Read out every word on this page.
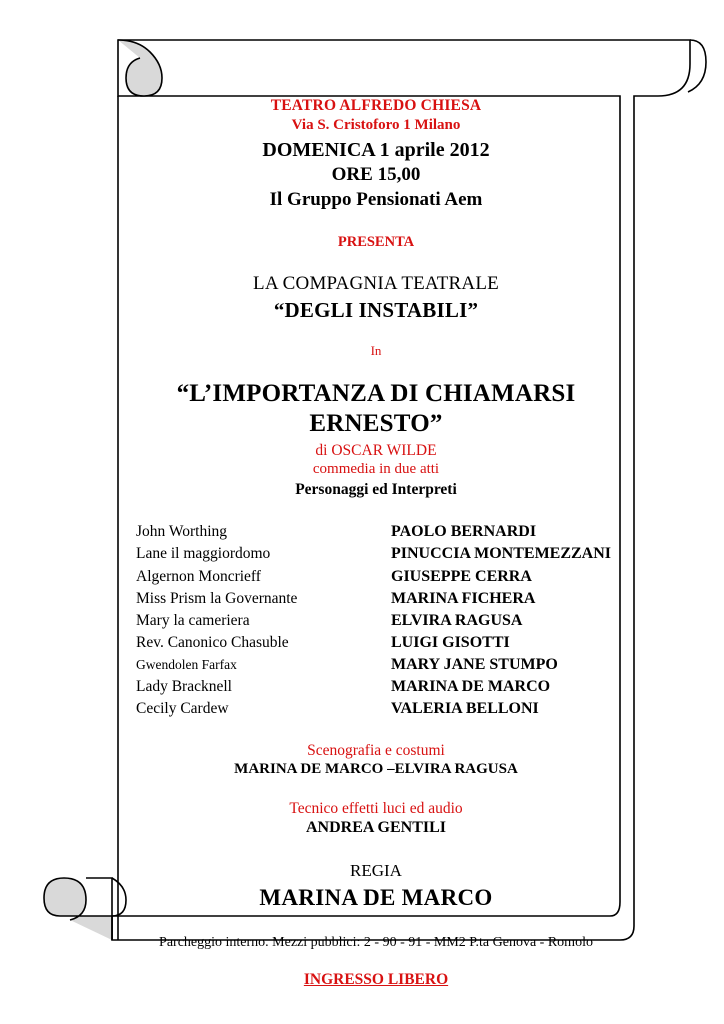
TEATRO ALFREDO CHIESA
Via S. Cristoforo 1 Milano
DOMENICA 1 aprile 2012
ORE 15,00
Il Gruppo Pensionati Aem
PRESENTA
LA COMPAGNIA TEATRALE
“DEGLI INSTABILI”
In
“L’IMPORTANZA DI CHIAMARSI ERNESTO”
di OSCAR WILDE
commedia in due atti
Personaggi ed Interpreti
John Worthing	PAOLO BERNARDI
Lane il maggiordomo	PINUCCIA MONTEMEZZANI
Algernon Moncrieff	GIUSEPPE CERRA
Miss Prism la Governante	MARINA FICHERA
Mary la cameriera	ELVIRA RAGUSA
Rev. Canonico Chasuble	LUIGI GISOTTI
Gwendolen Farfax	MARY JANE STUMPO
Lady Bracknell	MARINA DE MARCO
Cecily Cardew	VALERIA BELLONI
Scenografia e costumi
MARINA DE MARCO –ELVIRA RAGUSA
Tecnico effetti luci ed audio
ANDREA GENTILI
REGIA
MARINA DE MARCO
Parcheggio interno. Mezzi pubblici: 2 - 90 - 91 - MM2 P.ta Genova - Romolo
INGRESSO LIBERO
